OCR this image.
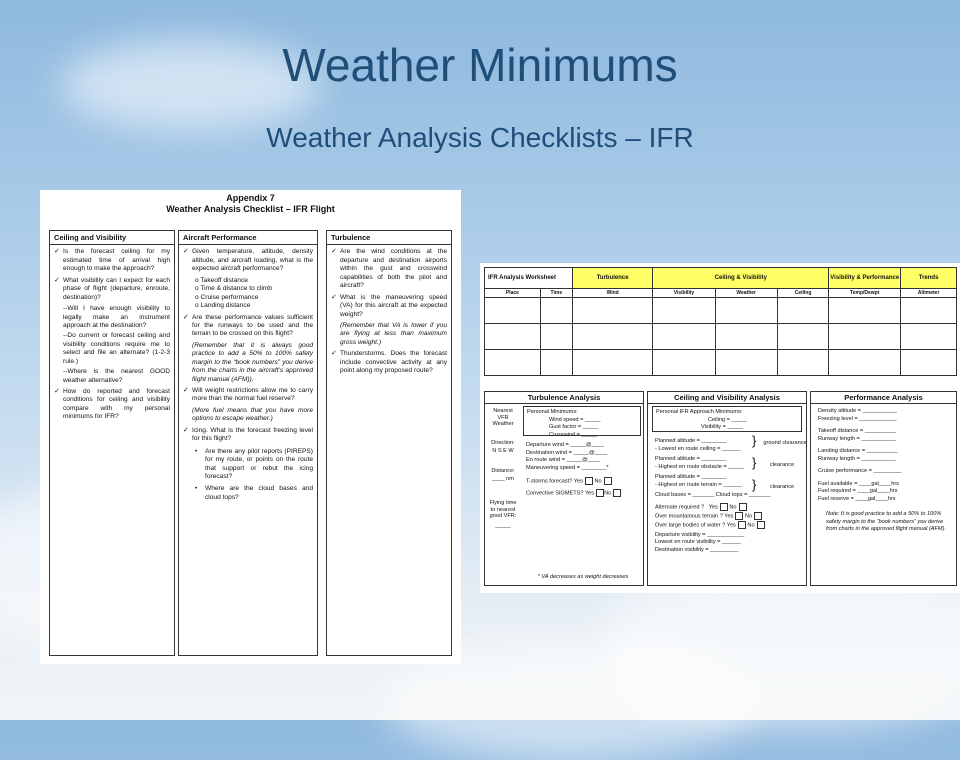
Weather Minimums
Weather Analysis Checklists – IFR
Appendix 7
Weather Analysis Checklist – IFR Flight
Ceiling and Visibility
✓ Is the forecast ceiling for my estimated time of arrival high enough to make the approach?
✓ What visibility can I expect for each phase of flight (departure, enroute, destination)?
--Will I have enough visibility to legally make an instrument approach at the destination?
--Do current or forecast ceiling and visibility conditions require me to select and file an alternate? (1-2-3 rule.)
--Where is the nearest GOOD weather alternative?
✓ How do reported and forecast conditions for ceiling and visibility compare with my personal minimums for IFR?
Aircraft Performance
✓ Given temperature, altitude, density altitude, and aircraft loading, what is the expected aircraft performance?
o Takeoff distance
o Time & distance to climb
o Cruise performance
o Landing distance
✓ Are these performance values sufficient for the runways to be used and the terrain to be crossed on this flight?
(Remember that it is always good practice to add a 50% to 100% safety margin to the “book numbers” you derive from the charts in the aircraft’s approved flight manual (AFM)).
✓ Will weight restrictions allow me to carry more than the normal fuel reserve?
(More fuel means that you have more options to escape weather.)
✓ Icing. What is the forecast freezing level for this flight?
• Are there any pilot reports (PIREPS) for my route, or points on the route that support or rebut the icing forecast?
• Where are the cloud bases and cloud tops?
Turbulence
✓ Are the wind conditions at the departure and destination airports within the gust and crosswind capabilities of both the pilot and aircraft?
✓ What is the maneuvering speed (VA) for this aircraft at the expected weight?
(Remember that VA is lower if you are flying at less than maximum gross weight.)
✓ Thunderstorms. Does the forecast include convective activity at any point along my proposed route?
IFR Analysis Worksheet		Turbulence	Ceiling & Visibility			Visibility & Performance	Trends
Place	Time	Wind	Visibility	Weather	Ceiling	Temp/Dewpt	Altimeter

Turbulence Analysis
Nearest VFR Weather
Direction:
N S E W
Distance:
____ nm
Flying time to nearest good VFR:
_____
Personal Minimums:
Wind speed = _____
Gust factor = _____
Crosswind = _____
Departure wind = _____@____
Destination wind = _____@____
En route wind = _____@____
Maneuvering speed = ________*
T-storms forecast? Yes No
Convective SIGMETS? Yes No
* VA decreases as weight decreases
Ceiling and Visibility Analysis
Personal IFR Approach Minimums:
Ceiling = _____
Visibility = _____
Planned altitude = ________
- Lowest en route ceiling = ______
Planned altitude = ________
- Highest en route obstacle = _____
Planned altitude = ________
- Highest en route terrain = ______
Cloud bases = _______ Cloud tops = _______
Alternate required ? Yes No
Over mountainous terrain ? Yes No
Over large bodies of water ? Yes No
Departure visibility = ____________
Lowest en route visibility = ______
Destination visibility = _________
} ground clearance
}	clearance
}	clearance
Performance Analysis
Density altitude = ___________
Freezing level = ____________
Takeoff distance = __________
Runway length = ___________
Landing distance = __________
Runway length = ___________
Cruise performance = _________
Fuel available = ____gal____hrs
Fuel required = ____gal____hrs
Fuel reserve = ____gal____hrs
Note: It is good practice to add a 50% to 100% safety margin to the “book numbers” you derive from charts in the approved flight manual (AFM).
